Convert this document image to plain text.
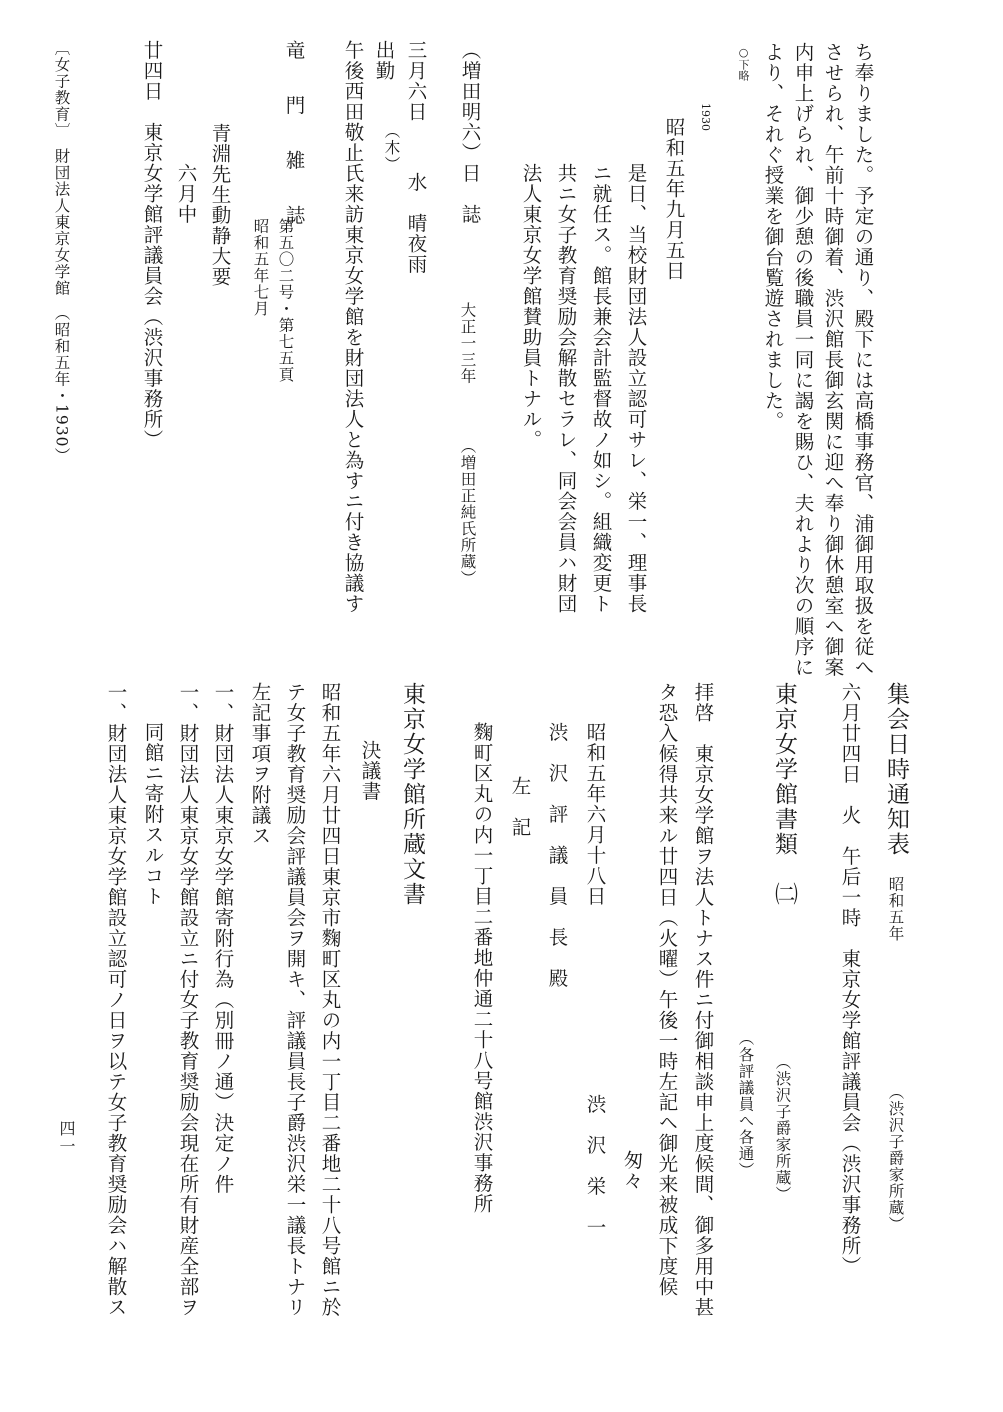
ち奉りました。予定の通り、殿下には高橋事務官、浦御用取扱を従へ
させられ、午前十時御着、渋沢館長御玄関に迎へ奉り御休憩室へ御案
内申上げられ、御少憩の後職員一同に謁を賜ひ、夫れより次の順序に
より、それぐ授業を御台覧遊されました。
○下略
1930
昭和五年九月五日
是日、当校財団法人設立認可サレ、栄一、理事長
ニ就任ス。館長兼会計監督故ノ如シ。組織変更ト
共ニ女子教育奨励会解散セラレ、同会会員ハ財団
法人東京女学館賛助員トナル。
（増田明六）日　誌
大正一三年
（増田正純氏所蔵）
三月六日
（木）
水　晴夜雨
出勤
午後西田敬止氏来訪東京女学館を財団法人と為すニ付き協議す
竜　門　雑　誌
第五〇二号・第七五頁
昭和五年七月
青淵先生動静大要
六月中
廿四日　東京女学館評議員会（渋沢事務所）
〔女子教育〕　財団法人東京女学館　（昭和五年・1930）
集会日時通知表
昭和五年
（渋沢子爵家所蔵）
六月廿四日　火　午后一時　東京女学館評議員会（渋沢事務所）
東京女学館書類　㈡
（渋沢子爵家所蔵）
（各評議員へ各通）
拝啓　東京女学館ヲ法人トナス件ニ付御相談申上度候間、御多用中甚
タ恐入候得共来ル廿四日（火曜）午後一時左記ヘ御光来被成下度候
匆々
昭和五年六月十八日
渋　沢　栄　一
渋　沢　評　議　員　長　殿
左　記
麴町区丸の内一丁目二番地仲通二十八号館渋沢事務所
東京女学館所蔵文書
決議書
昭和五年六月廿四日東京市麴町区丸の内一丁目二番地二十八号館ニ於
テ女子教育奨励会評議員会ヲ開キ、評議員長子爵渋沢栄一議長トナリ
左記事項ヲ附議ス
一、財団法人東京女学館寄附行為（別冊ノ通）決定ノ件
一、財団法人東京女学館設立ニ付女子教育奨励会現在所有財産全部ヲ
同館ニ寄附スルコト
一、財団法人東京女学館設立認可ノ日ヲ以テ女子教育奨励会ハ解散ス
四一
